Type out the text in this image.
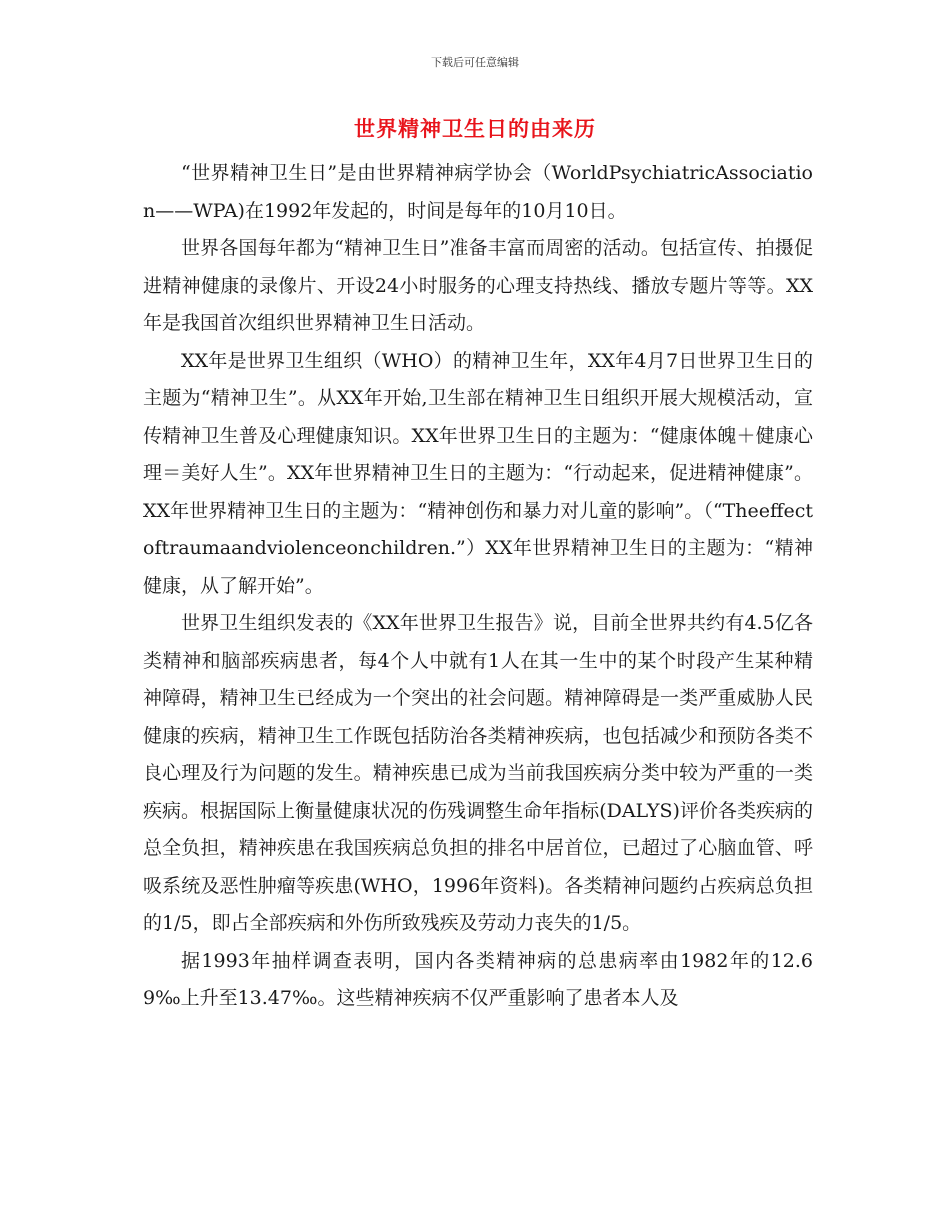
下载后可任意编辑
世界精神卫生日的由来历

“世界精神卫生日”是由世界精神病学协会（WorldPsychiatricAssociation——WPA)在1992年发起的，时间是每年的10月10日。

世界各国每年都为“精神卫生日”准备丰富而周密的活动。包括宣传、拍摄促进精神健康的录像片、开设24小时服务的心理支持热线、播放专题片等等。XX年是我国首次组织世界精神卫生日活动。

XX年是世界卫生组织（WHO）的精神卫生年，XX年4月7日世界卫生日的主题为“精神卫生”。从XX年开始,卫生部在精神卫生日组织开展大规模活动，宣传精神卫生普及心理健康知识。XX年世界卫生日的主题为：“健康体魄＋健康心理＝美好人生”。XX年世界精神卫生日的主题为：“行动起来，促进精神健康”。XX年世界精神卫生日的主题为：“精神创伤和暴力对儿童的影响”。（“Theeffectoftraumaandviolenceonchildren.”）XX年世界精神卫生日的主题为：“精神健康，从了解开始”。

世界卫生组织发表的《XX年世界卫生报告》说，目前全世界共约有4.5亿各类精神和脑部疾病患者，每4个人中就有1人在其一生中的某个时段产生某种精神障碍，精神卫生已经成为一个突出的社会问题。精神障碍是一类严重威胁人民健康的疾病，精神卫生工作既包括防治各类精神疾病，也包括减少和预防各类不良心理及行为问题的发生。精神疾患已成为当前我国疾病分类中较为严重的一类疾病。根据国际上衡量健康状况的伤残调整生命年指标(DALYS)评价各类疾病的总全负担，精神疾患在我国疾病总负担的排名中居首位，已超过了心脑血管、呼吸系统及恶性肿瘤等疾患(WHO，1996年资料)。各类精神问题约占疾病总负担的1/5，即占全部疾病和外伤所致残疾及劳动力丧失的1/5。

据1993年抽样调查表明，国内各类精神病的总患病率由1982年的12.69‰上升至13.47‰。这些精神疾病不仅严重影响了患者本人及
